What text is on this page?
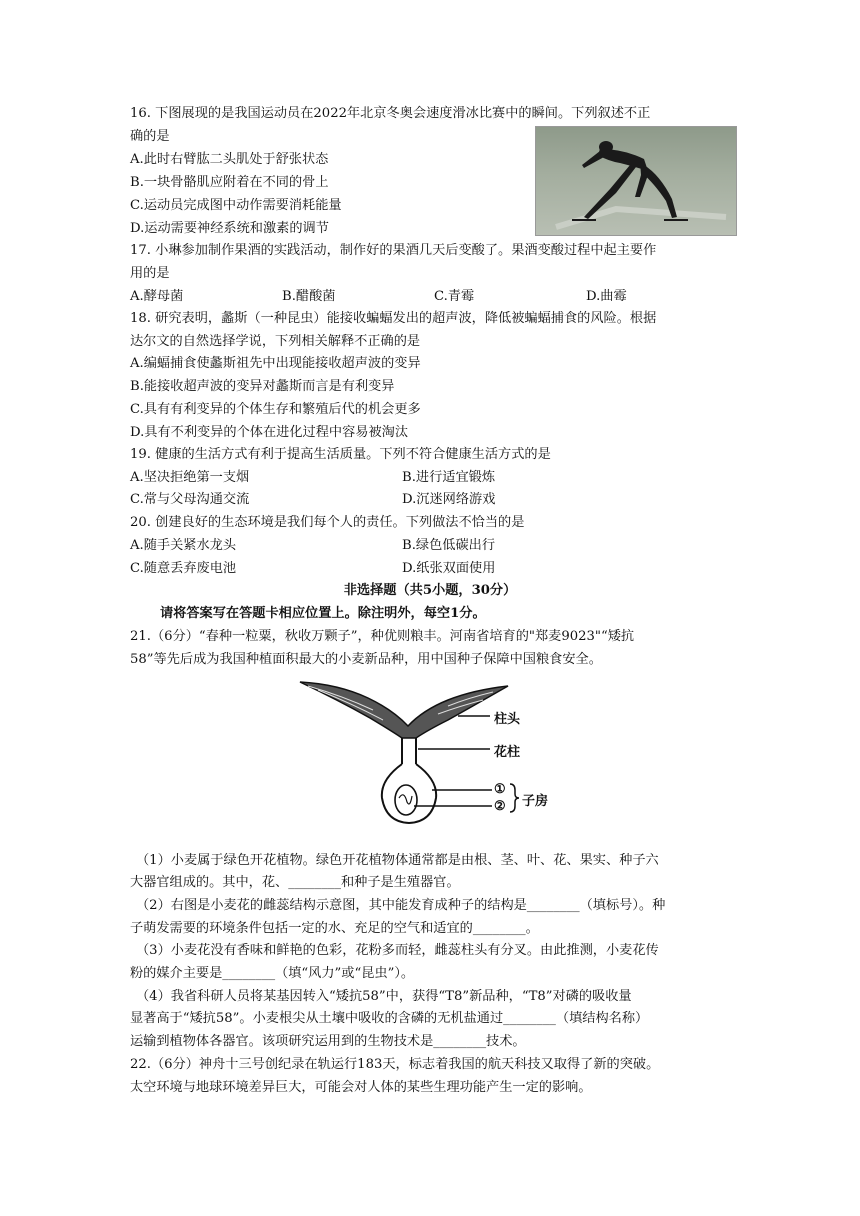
16. 下图展现的是我国运动员在2022年北京冬奥会速度滑冰比赛中的瞬间。下列叙述不正
确的是
A.此时右臂肱二头肌处于舒张状态
B.一块骨骼肌应附着在不同的骨上
C.运动员完成图中动作需要消耗能量
D.运动需要神经系统和激素的调节
17. 小琳参加制作果酒的实践活动，制作好的果酒几天后变酸了。果酒变酸过程中起主要作
用的是
A.酵母菌	B.醋酸菌	C.青霉	D.曲霉
18. 研究表明，蠡斯（一种昆虫）能接收蝙蝠发出的超声波，降低被蝙蝠捕食的风险。根据
达尔文的自然选择学说，下列相关解释不正确的是
A.编蝠捕食使蠡斯祖先中出现能接收超声波的变异
B.能接收超声波的变异对蠡斯而言是有利变异
C.具有有利变异的个体生存和繁殖后代的机会更多
D.具有不利变异的个体在进化过程中容易被淘汰
19. 健康的生活方式有利于提高生活质量。下列不符合健康生活方式的是
A.坚决拒绝第一支烟	B.进行适宜锻炼
C.常与父母沟通交流	D.沉迷网络游戏
20. 创建良好的生态环境是我们每个人的责任。下列做法不恰当的是
A.随手关紧水龙头	B.绿色低碳出行
C.随意丢弃废电池	D.纸张双面使用
非选择题（共5小题，30分）
请将答案写在答题卡相应位置上。除注明外，每空1分。
21.（6分）“春种一粒粟，秋收万颗子”，种优则粮丰。河南省培育的"郑麦9023"“矮抗
58”等先后成为我国种植面积最大的小麦新品种，用中国种子保障中国粮食安全。
柱头
花柱
①
② 子房
（1）小麦属于绿色开花植物。绿色开花植物体通常都是由根、茎、叶、花、果实、种子六
大器官组成的。其中，花、________和种子是生殖器官。
（2）右图是小麦花的雌蕊结构示意图，其中能发育成种子的结构是________（填标号）。种
子萌发需要的环境条件包括一定的水、充足的空气和适宜的________。
（3）小麦花没有香味和鲜艳的色彩，花粉多而轻，雌蕊柱头有分叉。由此推测，小麦花传
粉的媒介主要是________（填“风力”或“昆虫”）。
（4）我省科研人员将某基因转入“矮抗58”中，获得“T8”新品种，“T8”对磷的吸收量
显著高于“矮抗58”。小麦根尖从土壤中吸收的含磷的无机盐通过________（填结构名称）
运输到植物体各器官。该项研究运用到的生物技术是________技术。
22.（6分）神舟十三号创纪录在轨运行183天，标志着我国的航天科技又取得了新的突破。
太空环境与地球环境差异巨大，可能会对人体的某些生理功能产生一定的影响。
